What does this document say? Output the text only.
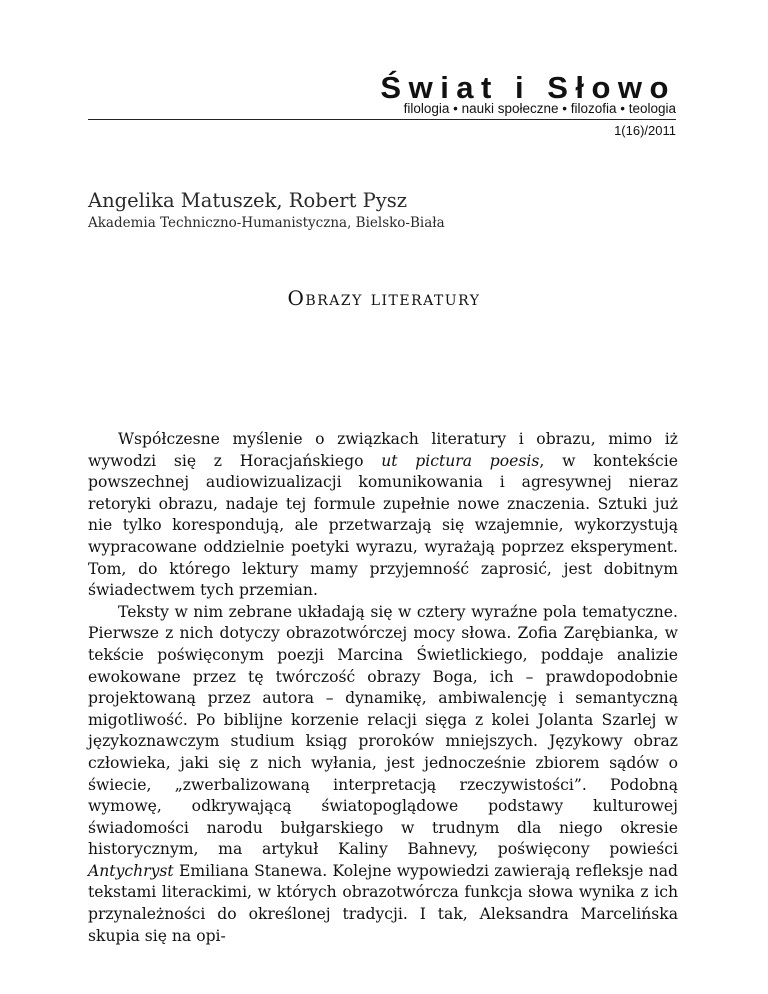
Świat i Słowo
filologia • nauki społeczne • filozofia • teologia
1(16)/2011
Angelika Matuszek, Robert Pysz
Akademia Techniczno-Humanistyczna, Bielsko-Biała
Obrazy literatury

Współczesne myślenie o związkach literatury i obrazu, mimo iż wywodzi się z Horacjańskiego ut pictura poesis, w kontekście powszechnej audiowizualizacji komunikowania i agresywnej nieraz retoryki obrazu, nadaje tej formule zupełnie nowe znaczenia. Sztuki już nie tylko korespondują, ale przetwarzają się wzajemnie, wykorzystują wypracowane oddzielnie poetyki wyrazu, wyrażają poprzez eksperyment. Tom, do którego lektury mamy przyjemność zaprosić, jest dobitnym świadectwem tych przemian.

Teksty w nim zebrane układają się w cztery wyraźne pola tematyczne. Pierwsze z nich dotyczy obrazotwórczej mocy słowa. Zofia Zarębianka, w tekście poświęconym poezji Marcina Świetlickiego, poddaje analizie ewokowane przez tę twórczość obrazy Boga, ich – prawdopodobnie projektowaną przez autora – dynamikę, ambiwalencję i semantyczną migotliwość. Po biblijne korzenie relacji sięga z kolei Jolanta Szarlej w językoznawczym studium ksiąg proroków mniejszych. Językowy obraz człowieka, jaki się z nich wyłania, jest jednocześnie zbiorem sądów o świecie, „zwerbalizowaną interpretacją rzeczywistości”. Podobną wymowę, odkrywającą światopoglądowe podstawy kulturowej świadomości narodu bułgarskiego w trudnym dla niego okresie historycznym, ma artykuł Kaliny Bahnevy, poświęcony powieści Antychryst Emiliana Stanewa. Kolejne wypowiedzi zawierają refleksje nad tekstami literackimi, w których obrazotwórcza funkcja słowa wynika z ich przynależności do określonej tradycji. I tak, Aleksandra Marcelińska skupia się na opi-
